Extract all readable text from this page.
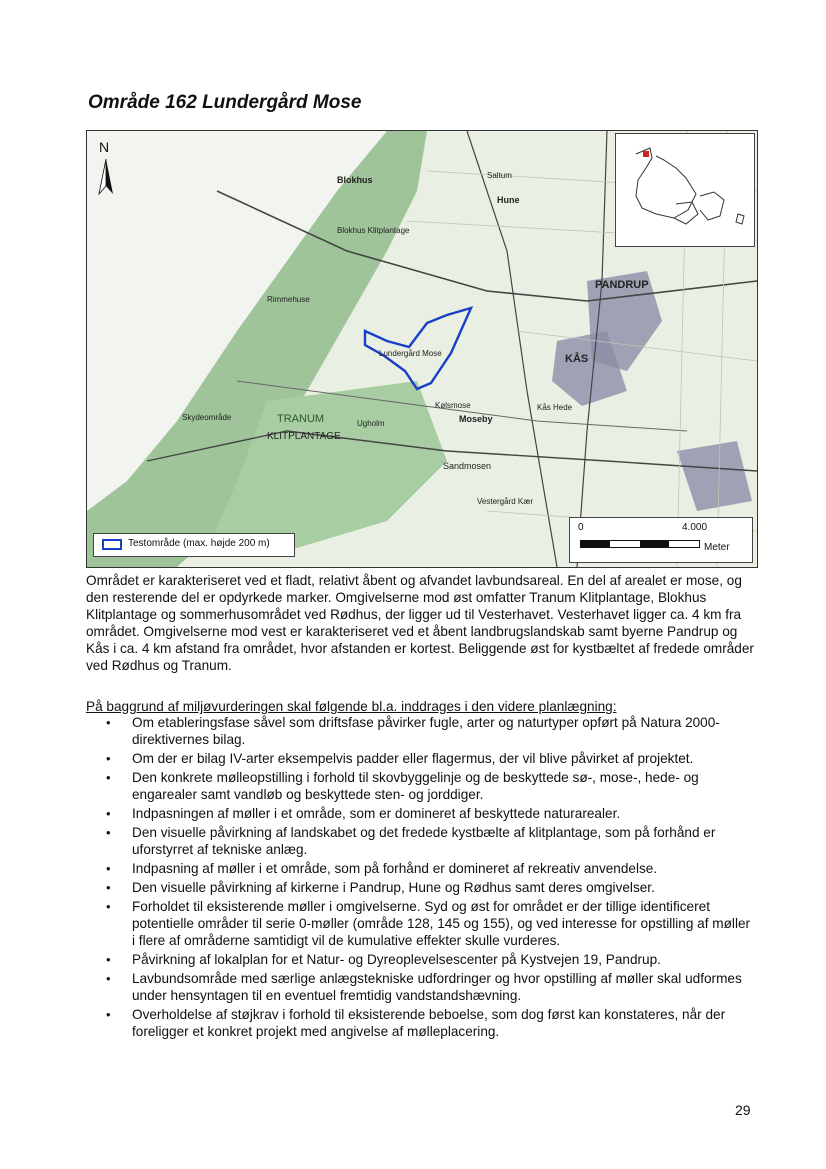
Område 162 Lundergård Mose
N
Blokhus
Blokhus Klitplantage
Saltum
Hune
Rimmehuse
PANDRUP
KÅS
Lundergård Mose
TRANUM
KLITPLANTAGE
Skydeområde
Ugholm
Sandmosen
Kølsmose
Moseby
Kås Hede
Vestergård Kær
Testområde (max. højde 200 m)
0	4.000
Meter

Området er karakteriseret ved et fladt, relativt åbent og afvandet lavbundsareal. En del af arealet er mose, og den resterende del er opdyrkede marker. Omgivelserne mod øst omfatter Tranum Klitplantage, Blokhus Klitplantage og sommerhusområdet ved Rødhus, der ligger ud til Vesterhavet. Vesterhavet ligger ca. 4 km fra området. Omgivelserne mod vest er karakteriseret ved et åbent landbrugslandskab samt byerne Pandrup og Kås i ca. 4 km afstand fra området, hvor afstanden er kortest. Beliggende øst for kystbæltet af fredede områder ved Rødhus og Tranum.

På baggrund af miljøvurderingen skal følgende bl.a. inddrages i den videre planlægning:

• Om etableringsfase såvel som driftsfase påvirker fugle, arter og naturtyper opført på Natura 2000-direktivernes bilag.
• Om der er bilag IV-arter eksempelvis padder eller flagermus, der vil blive påvirket af projektet.
• Den konkrete mølleopstilling i forhold til skovbyggelinje og de beskyttede sø-, mose-, hede- og engarealer samt vandløb og beskyttede sten- og jorddiger.
• Indpasningen af møller i et område, som er domineret af beskyttede naturarealer.
• Den visuelle påvirkning af landskabet og det fredede kystbælte af klitplantage, som på forhånd er uforstyrret af tekniske anlæg.
• Indpasning af møller i et område, som på forhånd er domineret af rekreativ anvendelse.
• Den visuelle påvirkning af kirkerne i Pandrup, Hune og Rødhus samt deres omgivelser.
• Forholdet til eksisterende møller i omgivelserne. Syd og øst for området er der tillige identificeret potentielle områder til serie 0-møller (område 128, 145 og 155), og ved interesse for opstilling af møller i flere af områderne samtidigt vil de kumulative effekter skulle vurderes.
• Påvirkning af lokalplan for et Natur- og Dyreoplevelsescenter på Kystvejen 19, Pandrup.
• Lavbundsområde med særlige anlægstekniske udfordringer og hvor opstilling af møller skal udformes under hensyntagen til en eventuel fremtidig vandstandshævning.
• Overholdelse af støjkrav i forhold til eksisterende beboelse, som dog først kan konstateres, når der foreligger et konkret projekt med angivelse af mølleplacering.
29
